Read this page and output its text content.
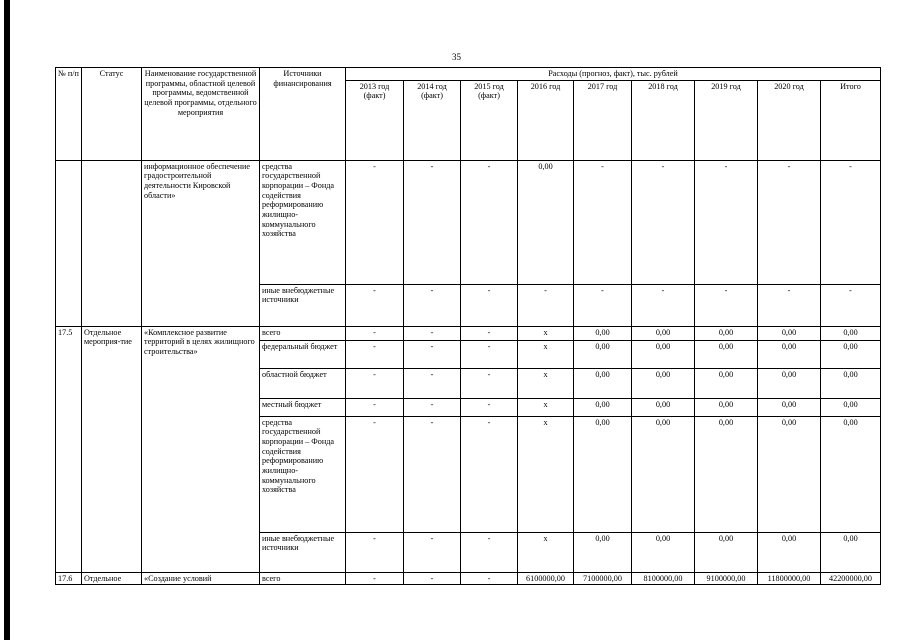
35
№ п/п	Статус	Наименование государственной программы, областной целевой программы, ведомственной целевой программы, отдельного мероприятия	Источники финансирования	Расходы (прогноз, факт), тыс. рублей								
				2013 год (факт)	2014 год (факт)	2015 год (факт)	2016 год	2017 год	2018 год	2019 год	2020 год	Итого
		информационное обеспечение градостроительной деятельности Кировской области»	средства государственной корпорации – Фонда содействия реформированию жилищно-коммунального хозяйства	-	-	-	0,00	-	-	-	-	-
			иные внебюджетные источники	-	-	-	-	-	-	-	-	-
17.5	Отдельное мероприя-тие	«Комплексное развитие территорий в целях жилищного строительства»	всего	-	-	-	х	0,00	0,00	0,00	0,00	0,00
			федеральный бюджет	-	-	-	х	0,00	0,00	0,00	0,00	0,00
			областной бюджет	-	-	-	х	0,00	0,00	0,00	0,00	0,00
			местный бюджет	-	-	-	х	0,00	0,00	0,00	0,00	0,00
			средства государственной корпорации – Фонда содействия реформированию жилищно-коммунального хозяйства	-	-	-	х	0,00	0,00	0,00	0,00	0,00
			иные внебюджетные источники	-	-	-	х	0,00	0,00	0,00	0,00	0,00
17.6	Отдельное	«Создание условий	всего	-	-	-	6100000,00	7100000,00	8100000,00	9100000,00	11800000,00	42200000,00
